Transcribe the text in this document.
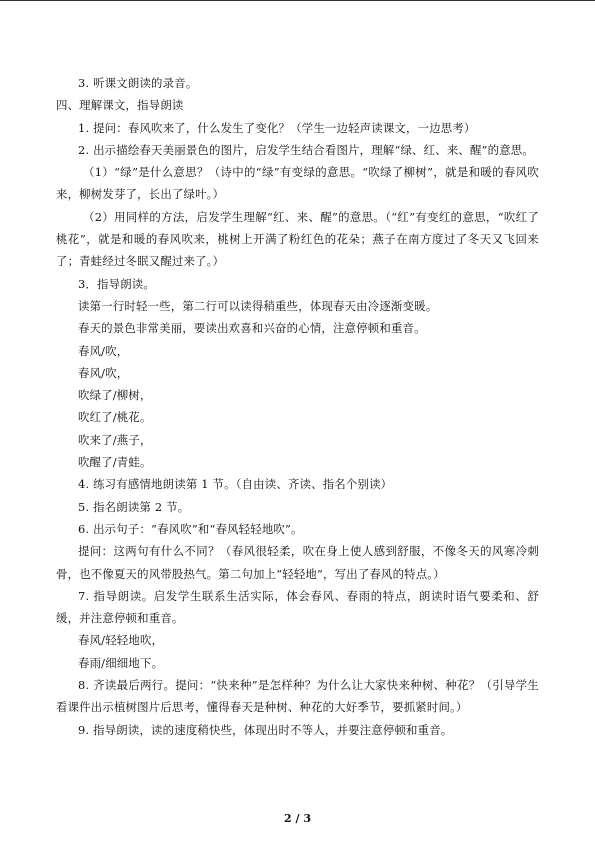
3. 听课文朗读的录音。

四、理解课文，指导朗读

1. 提问：春风吹来了，什么发生了变化？（学生一边轻声读课文，一边思考）

2. 出示描绘春天美丽景色的图片，启发学生结合看图片，理解“绿、红、来、醒”的意思。

（1）“绿”是什么意思？（诗中的“绿”有变绿的意思。“吹绿了柳树”，就是和暖的春风吹来，柳树发芽了，长出了绿叶。）

（2）用同样的方法，启发学生理解“红、来、醒”的意思。（“红”有变红的意思，“吹红了桃花”，就是和暖的春风吹来，桃树上开满了粉红色的花朵；燕子在南方度过了冬天又飞回来了；青蛙经过冬眠又醒过来了。）

3．指导朗读。

读第一行时轻一些，第二行可以读得稍重些，体现春天由冷逐渐变暖。

春天的景色非常美丽，要读出欢喜和兴奋的心情，注意停顿和重音。

春风/吹，

春风/吹，

吹绿了/柳树，

吹红了/桃花。

吹来了/燕子，

吹醒了/青蛙。

4. 练习有感情地朗读第 1 节。（自由读、齐读、指名个别读）

5. 指名朗读第 2 节。

6. 出示句子：“春风吹”和“春风轻轻地吹”。

提问：这两句有什么不同？（春风很轻柔，吹在身上使人感到舒服，不像冬天的风寒冷刺骨，也不像夏天的风带股热气。第二句加上“轻轻地”，写出了春风的特点。）

7. 指导朗读。启发学生联系生活实际，体会春风、春雨的特点，朗读时语气要柔和、舒缓，并注意停顿和重音。

春风/轻轻地吹，

春雨/细细地下。

8. 齐读最后两行。提问：“快来种”是怎样种？为什么让大家快来种树、种花？（引导学生看课件出示植树图片后思考，懂得春天是种树、种花的大好季节，要抓紧时间。）

9. 指导朗读，读的速度稍快些，体现出时不等人，并要注意停顿和重音。

2 / 3
